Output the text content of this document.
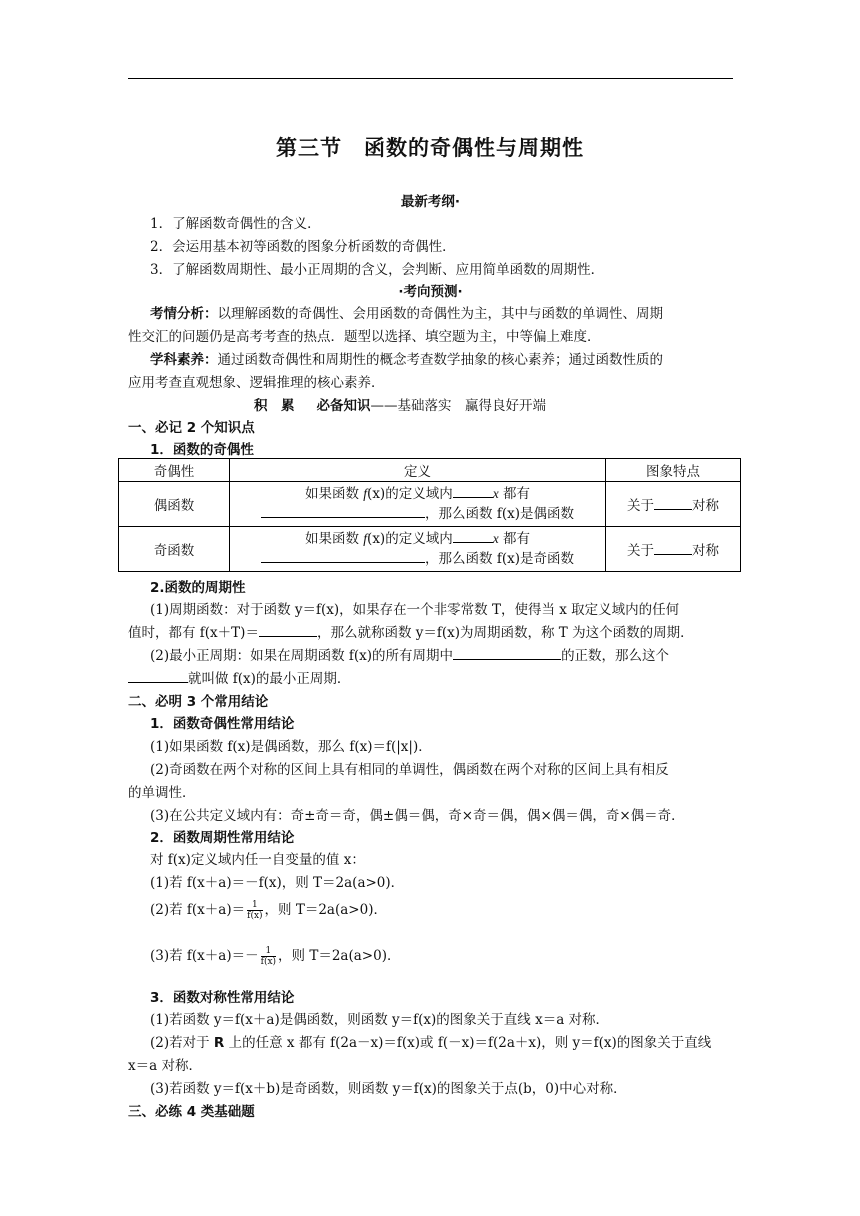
第三节 函数的奇偶性与周期性
最新考纲·
1．了解函数奇偶性的含义．
2．会运用基本初等函数的图象分析函数的奇偶性．
3．了解函数周期性、最小正周期的含义，会判断、应用简单函数的周期性．
·考向预测·
考情分析：以理解函数的奇偶性、会用函数的奇偶性为主，其中与函数的单调性、周期
性交汇的问题仍是高考考查的热点．题型以选择、填空题为主，中等偏上难度．
学科素养：通过函数奇偶性和周期性的概念考查数学抽象的核心素养；通过函数性质的
应用考查直观想象、逻辑推理的核心素养．
积　累 必备知识——基础落实　赢得良好开端
一、必记 2 个知识点
1．函数的奇偶性
奇偶性	定义	图象特点
偶函数	如果函数 f(x)的定义域内 x 都有
，那么函数 f(x)是偶函数	关于 对称
奇函数	如果函数 f(x)的定义域内 x 都有
，那么函数 f(x)是奇函数	关于 对称
2.函数的周期性
(1)周期函数：对于函数 y＝f(x)，如果存在一个非零常数 T，使得当 x 取定义域内的任何
值时，都有 f(x＋T)＝	，那么就称函数 y＝f(x)为周期函数，称 T 为这个函数的周期．
(2)最小正周期：如果在周期函数 f(x)的所有周期中	的正数，那么这个
就叫做 f(x)的最小正周期．
二、必明 3 个常用结论
1．函数奇偶性常用结论
(1)如果函数 f(x)是偶函数，那么 f(x)＝f(|x|)．
(2)奇函数在两个对称的区间上具有相同的单调性，偶函数在两个对称的区间上具有相反
的单调性．
(3)在公共定义域内有：奇±奇＝奇，偶±偶＝偶，奇×奇＝偶，偶×偶＝偶，奇×偶＝奇．
2．函数周期性常用结论
对 f(x)定义域内任一自变量的值 x：
(1)若 f(x＋a)＝－f(x)，则 T＝2a(a>0)．
(2)若 $f(x+a)= \frac{1}{f(x)}$ ，则 T＝2a(a>0)．
(3)若 $f(x+a)=- \frac{1}{f(x)}$ ，则 T＝2a(a>0)．
3．函数对称性常用结论
(1)若函数 y＝f(x＋a)是偶函数，则函数 y＝f(x)的图象关于直线 x＝a 对称．
(2)若对于 R 上的任意 x 都有 f(2a－x)＝f(x)或 f(－x)＝f(2a＋x)，则 y＝f(x)的图象关于直线
x＝a 对称．
(3)若函数 y＝f(x＋b)是奇函数，则函数 y＝f(x)的图象关于点(b，0)中心对称．
三、必练 4 类基础题
